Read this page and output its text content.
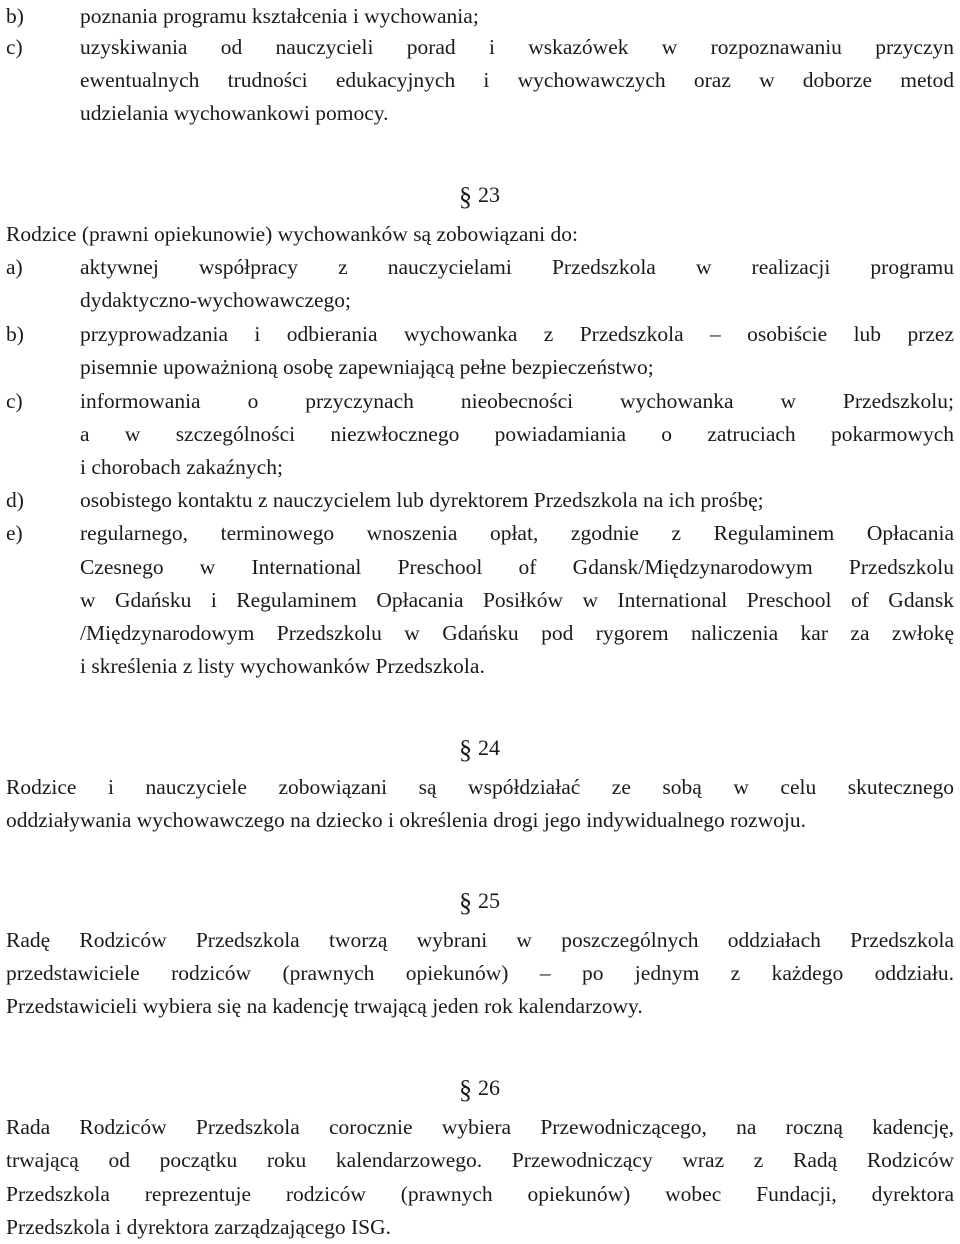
b)	poznania programu kształcenia i wychowania;
c)	uzyskiwania od nauczycieli porad i wskazówek w rozpoznawaniu przyczyn
ewentualnych trudności edukacyjnych i wychowawczych oraz w doborze metod
udzielania wychowankowi pomocy.
§ 23
Rodzice (prawni opiekunowie) wychowanków są zobowiązani do:
a)	aktywnej współpracy z nauczycielami Przedszkola w realizacji programu
dydaktyczno-wychowawczego;
b)	przyprowadzania i odbierania wychowanka z Przedszkola – osobiście lub przez
pisemnie upoważnioną osobę zapewniającą pełne bezpieczeństwo;
c)	informowania o przyczynach nieobecności wychowanka w Przedszkolu;
a w szczególności niezwłocznego powiadamiania o zatruciach pokarmowych
i chorobach zakaźnych;
d)	osobistego kontaktu z nauczycielem lub dyrektorem Przedszkola na ich prośbę;
e)	regularnego, terminowego wnoszenia opłat, zgodnie z Regulaminem Opłacania
Czesnego w International Preschool of Gdansk/Międzynarodowym Przedszkolu
w Gdańsku i Regulaminem Opłacania Posiłków w International Preschool of Gdansk
/Międzynarodowym Przedszkolu w Gdańsku pod rygorem naliczenia kar za zwłokę
i skreślenia z listy wychowanków Przedszkola.
§ 24
Rodzice i nauczyciele zobowiązani są współdziałać ze sobą w celu skutecznego
oddziaływania wychowawczego na dziecko i określenia drogi jego indywidualnego rozwoju.
§ 25
Radę Rodziców Przedszkola tworzą wybrani w poszczególnych oddziałach Przedszkola
przedstawiciele rodziców (prawnych opiekunów) – po jednym z każdego oddziału.
Przedstawicieli wybiera się na kadencję trwającą jeden rok kalendarzowy.
§ 26
Rada Rodziców Przedszkola corocznie wybiera Przewodniczącego, na roczną kadencję,
trwającą od początku roku kalendarzowego. Przewodniczący wraz z Radą Rodziców
Przedszkola reprezentuje rodziców (prawnych opiekunów) wobec Fundacji, dyrektora
Przedszkola i dyrektora zarządzającego ISG.
